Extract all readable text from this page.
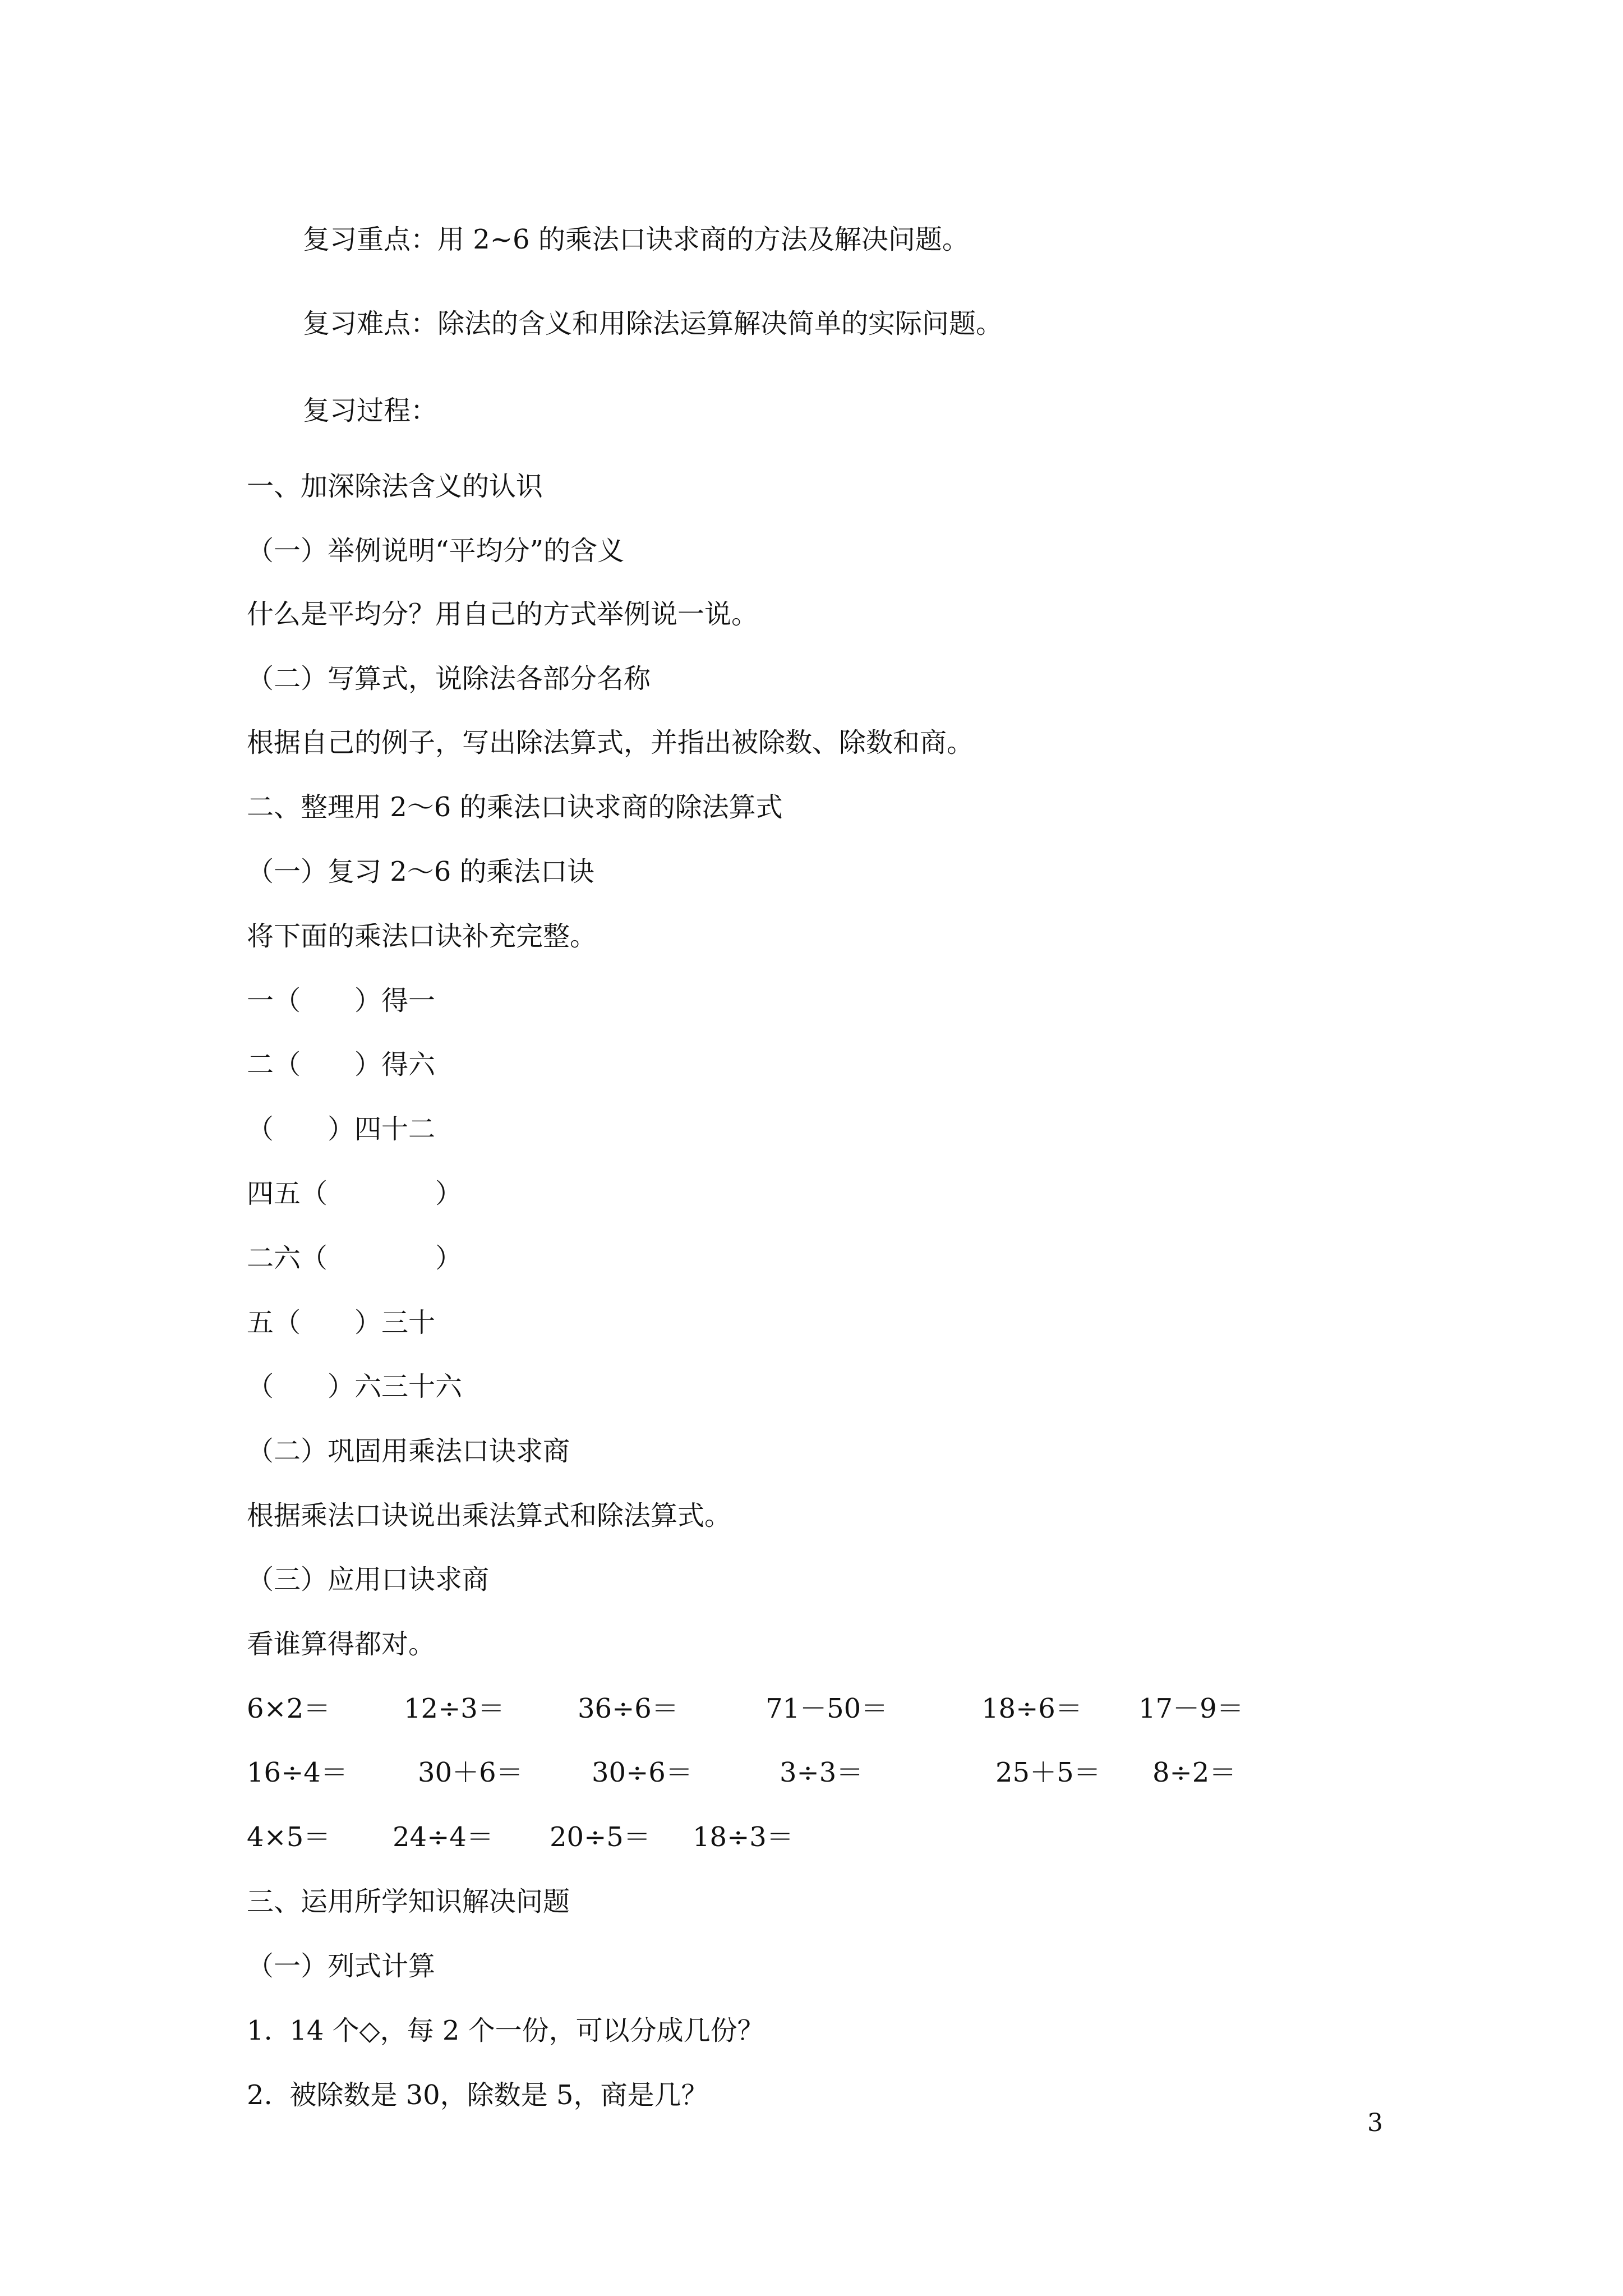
复习重点：用 2~6 的乘法口诀求商的方法及解决问题。
复习难点：除法的含义和用除法运算解决简单的实际问题。
复习过程：
一、加深除法含义的认识
（一）举例说明“平均分”的含义
什么是平均分？用自己的方式举例说一说。
（二）写算式，说除法各部分名称
根据自己的例子，写出除法算式，并指出被除数、除数和商。
二、整理用 2～6 的乘法口诀求商的除法算式
（一）复习 2～6 的乘法口诀
将下面的乘法口诀补充完整。
一（　　）得一
二（　　）得六
（　　）四十二
四五（　　　　）
二六（　　　　）
五（　　）三十
（　　）六三十六
（二）巩固用乘法口诀求商
根据乘法口诀说出乘法算式和除法算式。
（三）应用口诀求商
看谁算得都对。
6×2＝	12÷3＝	36÷6＝	71－50＝	18÷6＝ 17－9＝
16÷4＝	30＋6＝	30÷6＝	3÷3＝	25＋5＝ 8÷2＝
4×5＝ 24÷4＝ 20÷5＝ 18÷3＝
三、运用所学知识解决问题
（一）列式计算
1.  14 个◇，每 2 个一份，可以分成几份？
2.  被除数是 30，除数是 5，商是几？
3
